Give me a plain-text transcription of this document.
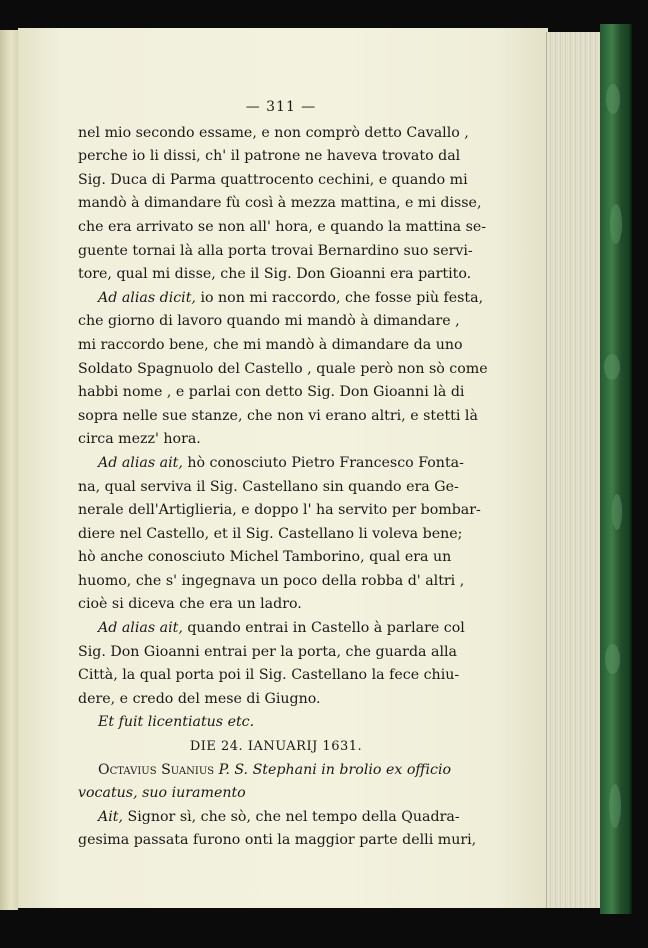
— 311 —
nel mio secondo essame, e non comprò detto Cavallo ,
perche io li dissi, ch' il patrone ne haveva trovato dal
Sig. Duca di Parma quattrocento cechini, e quando mi
mandò à dimandare fù così à mezza mattina, e mi disse,
che era arrivato se non all' hora, e quando la mattina se-
guente tornai là alla porta trovai Bernardino suo servi-
tore, qual mi disse, che il Sig. Don Gioanni era partito.
Ad alias dicit, io non mi raccordo, che fosse più festa,
che giorno di lavoro quando mi mandò à dimandare ,
mi raccordo bene, che mi mandò à dimandare da uno
Soldato Spagnuolo del Castello , quale però non sò come
habbi nome , e parlai con detto Sig. Don Gioanni là di
sopra nelle sue stanze, che non vi erano altri, e stetti là
circa mezz' hora.
Ad alias ait, hò conosciuto Pietro Francesco Fonta-
na, qual serviva il Sig. Castellano sin quando era Ge-
nerale dell'Artiglieria, e doppo l' ha servito per bombar-
diere nel Castello, et il Sig. Castellano li voleva bene;
hò anche conosciuto Michel Tamborino, qual era un
huomo, che s' ingegnava un poco della robba d' altri ,
cioè si diceva che era un ladro.
Ad alias ait, quando entrai in Castello à parlare col
Sig. Don Gioanni entrai per la porta, che guarda alla
Città, la qual porta poi il Sig. Castellano la fece chiu-
dere, e credo del mese di Giugno.
Et fuit licentiatus etc.
DIE 24. IANUARIJ 1631.
Octavius Suanius P. S. Stephani in brolio ex officio
vocatus, suo iuramento
Ait, Signor sì, che sò, che nel tempo della Quadra-
gesima passata furono onti la maggior parte delli muri,
